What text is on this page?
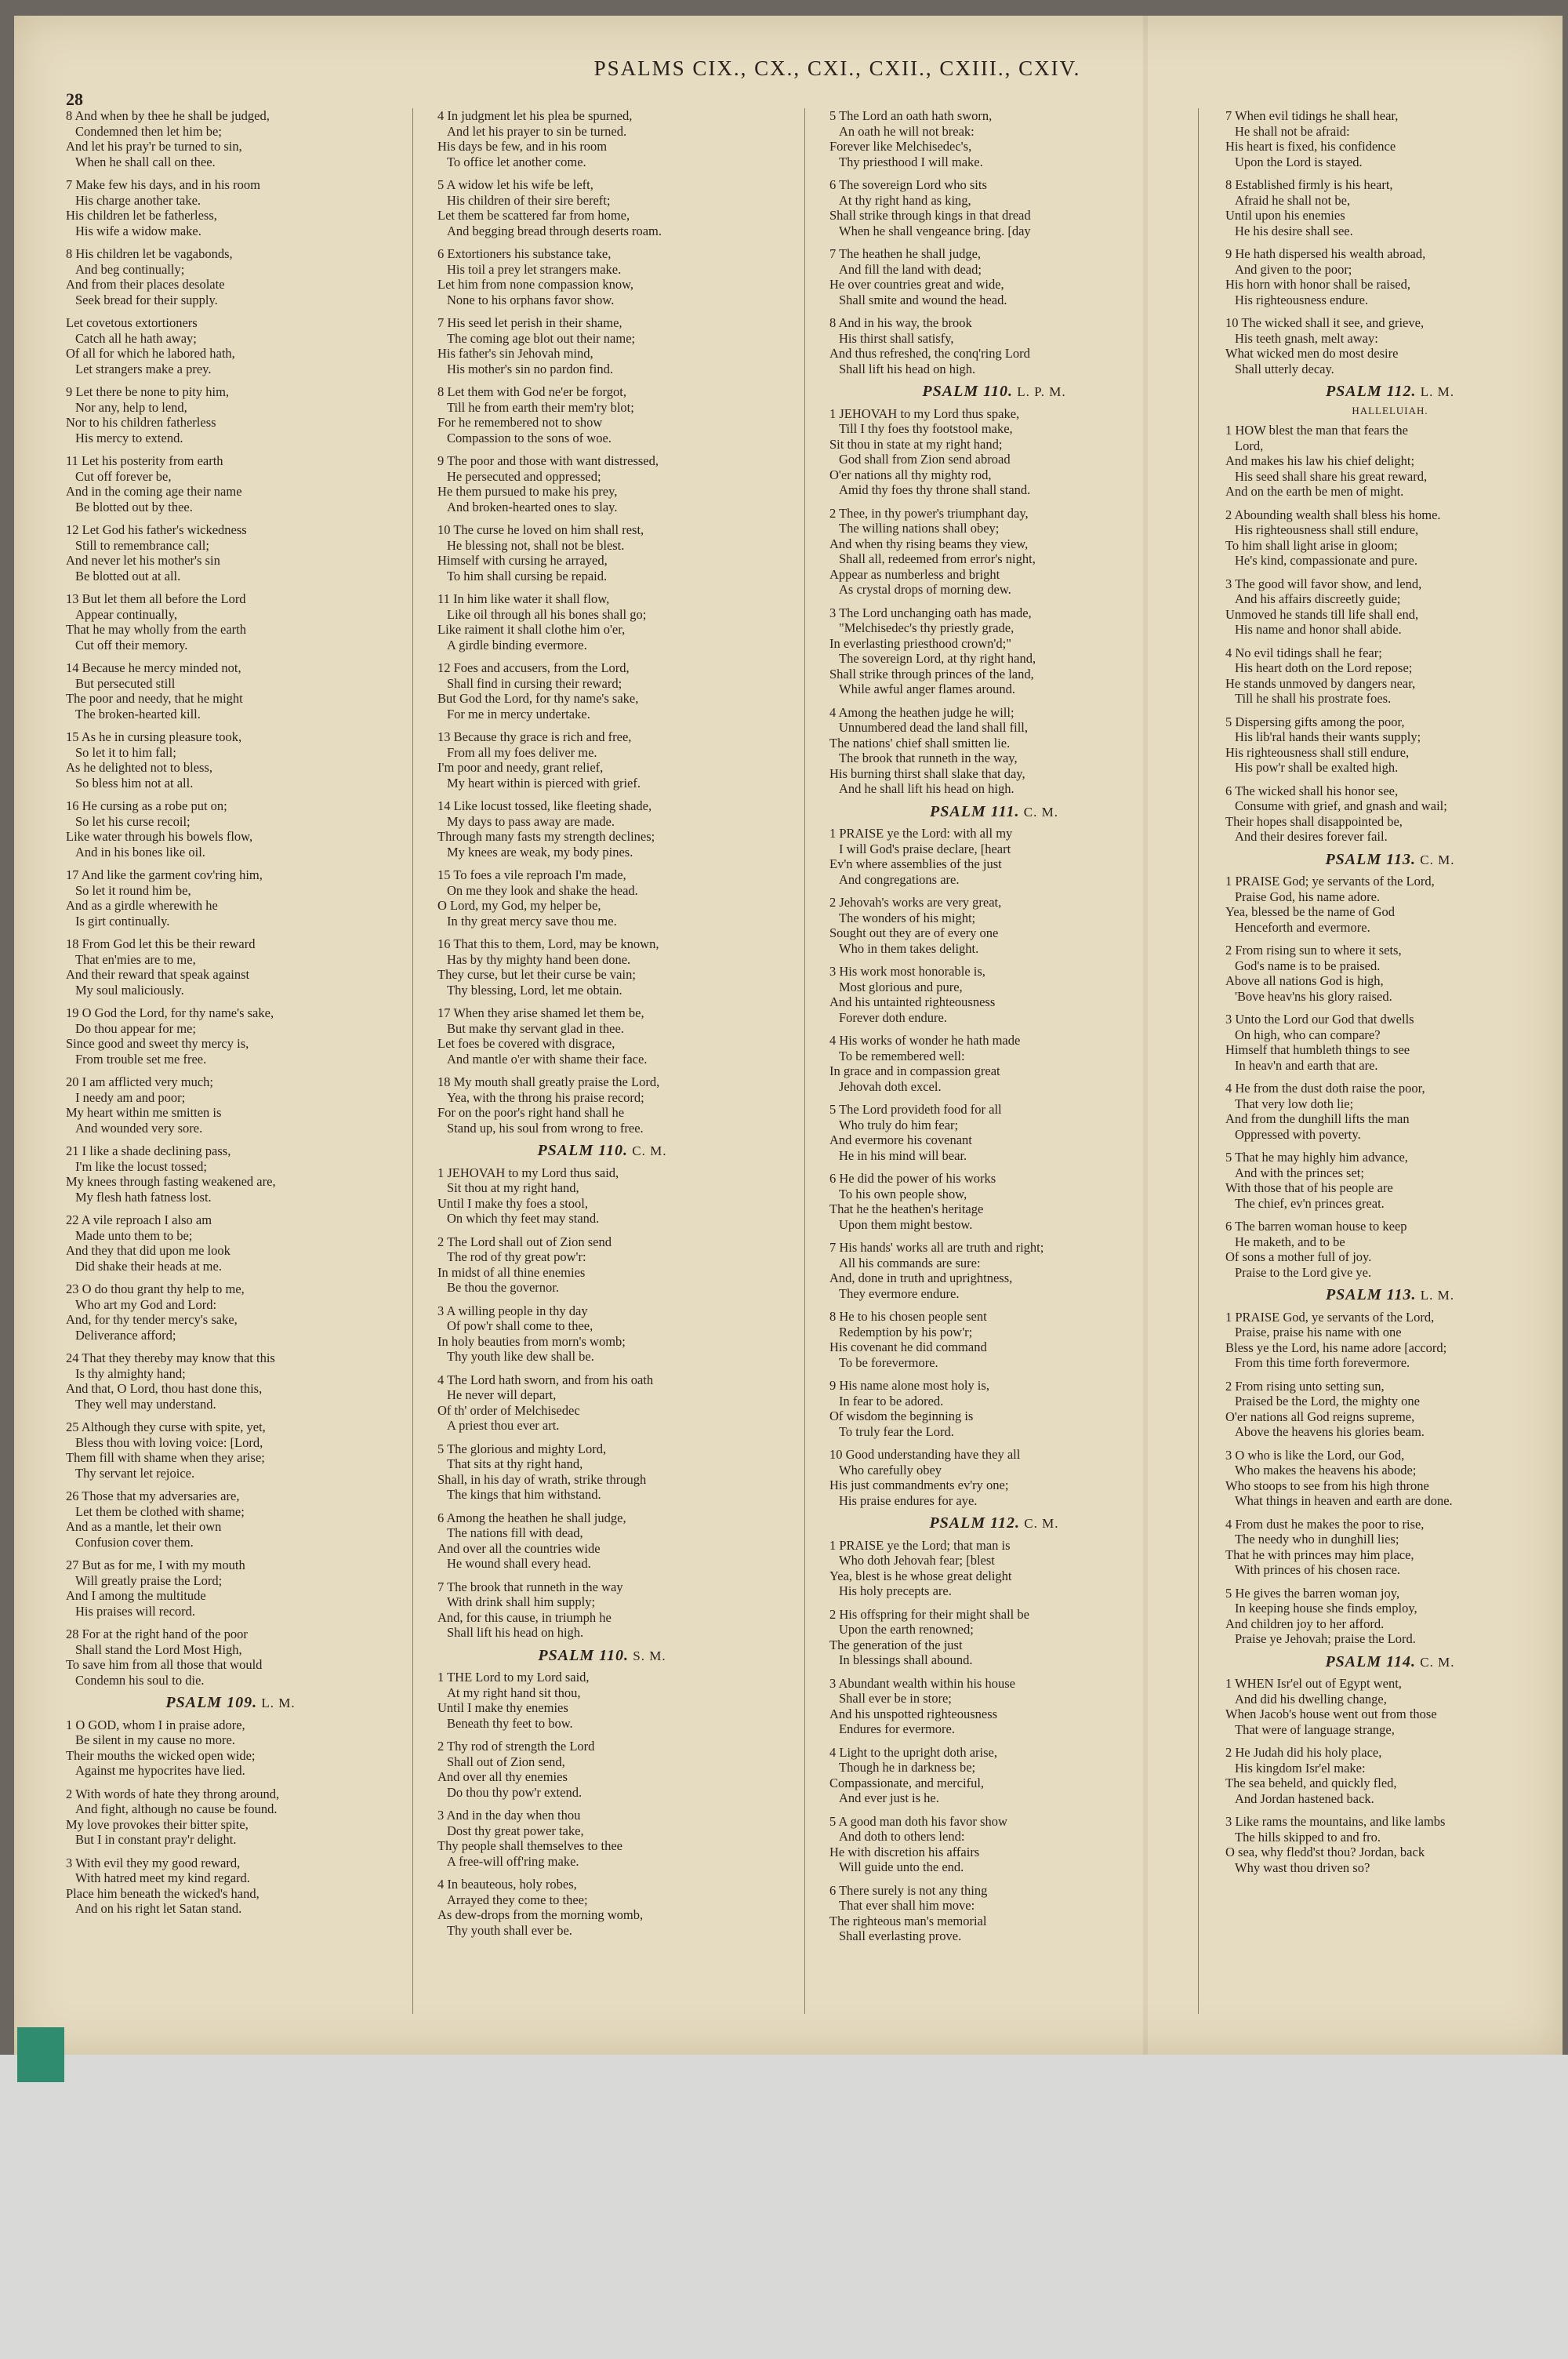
PSALMS CIX., CX., CXI., CXII., CXIII., CXIV.
28
8 And when by thee he shall be judged,
Condemned then let him be;
And let his pray'r be turned to sin,
When he shall call on thee.
7 Make few his days, and in his room
His charge another take.
His children let be fatherless,
His wife a widow make.
8 His children let be vagabonds,
And beg continually;
And from their places desolate
Seek bread for their supply.
Let covetous extortioners
Catch all he hath away;
Of all for which he labored hath,
Let strangers make a prey.
9 Let there be none to pity him,
Nor any, help to lend,
Nor to his children fatherless
His mercy to extend.
11 Let his posterity from earth
Cut off forever be,
And in the coming age their name
Be blotted out by thee.
12 Let God his father's wickedness
Still to remembrance call;
And never let his mother's sin
Be blotted out at all.
13 But let them all before the Lord
Appear continually,
That he may wholly from the earth
Cut off their memory.
14 Because he mercy minded not,
But persecuted still
The poor and needy, that he might
The broken-hearted kill.
15 As he in cursing pleasure took,
So let it to him fall;
As he delighted not to bless,
So bless him not at all.
16 He cursing as a robe put on;
So let his curse recoil;
Like water through his bowels flow,
And in his bones like oil.
17 And like the garment cov'ring him,
So let it round him be,
And as a girdle wherewith he
Is girt continually.
18 From God let this be their reward
That en'mies are to me,
And their reward that speak against
My soul maliciously.
19 O God the Lord, for thy name's sake,
Do thou appear for me;
Since good and sweet thy mercy is,
From trouble set me free.
20 I am afflicted very much;
I needy am and poor;
My heart within me smitten is
And wounded very sore.
21 I like a shade declining pass,
I'm like the locust tossed;
My knees through fasting weakened are,
My flesh hath fatness lost.
22 A vile reproach I also am
Made unto them to be;
And they that did upon me look
Did shake their heads at me.
23 O do thou grant thy help to me,
Who art my God and Lord:
And, for thy tender mercy's sake,
Deliverance afford;
24 That they thereby may know that this
Is thy almighty hand;
And that, O Lord, thou hast done this,
They well may understand.
25 Although they curse with spite, yet,
Bless thou with loving voice: [Lord,
Them fill with shame when they arise;
Thy servant let rejoice.
26 Those that my adversaries are,
Let them be clothed with shame;
And as a mantle, let their own
Confusion cover them.
27 But as for me, I with my mouth
Will greatly praise the Lord;
And I among the multitude
His praises will record.
28 For at the right hand of the poor
Shall stand the Lord Most High,
To save him from all those that would
Condemn his soul to die.
PSALM 109. L. M.
1 O GOD, whom I in praise adore,
Be silent in my cause no more.
Their mouths the wicked open wide;
Against me hypocrites have lied.
2 With words of hate they throng around,
And fight, although no cause be found.
My love provokes their bitter spite,
But I in constant pray'r delight.
3 With evil they my good reward,
With hatred meet my kind regard.
Place him beneath the wicked's hand,
And on his right let Satan stand.
4 In judgment let his plea be spurned,
And let his prayer to sin be turned.
His days be few, and in his room
To office let another come.
5 A widow let his wife be left,
His children of their sire bereft;
Let them be scattered far from home,
And begging bread through deserts roam.
6 Extortioners his substance take,
His toil a prey let strangers make.
Let him from none compassion know,
None to his orphans favor show.
7 His seed let perish in their shame,
The coming age blot out their name;
His father's sin Jehovah mind,
His mother's sin no pardon find.
8 Let them with God ne'er be forgot,
Till he from earth their mem'ry blot;
For he remembered not to show
Compassion to the sons of woe.
9 The poor and those with want distressed,
He persecuted and oppressed;
He them pursued to make his prey,
And broken-hearted ones to slay.
10 The curse he loved on him shall rest,
He blessing not, shall not be blest.
Himself with cursing he arrayed,
To him shall cursing be repaid.
11 In him like water it shall flow,
Like oil through all his bones shall go;
Like raiment it shall clothe him o'er,
A girdle binding evermore.
12 Foes and accusers, from the Lord,
Shall find in cursing their reward;
But God the Lord, for thy name's sake,
For me in mercy undertake.
13 Because thy grace is rich and free,
From all my foes deliver me.
I'm poor and needy, grant relief,
My heart within is pierced with grief.
14 Like locust tossed, like fleeting shade,
My days to pass away are made.
Through many fasts my strength declines;
My knees are weak, my body pines.
15 To foes a vile reproach I'm made,
On me they look and shake the head.
O Lord, my God, my helper be,
In thy great mercy save thou me.
16 That this to them, Lord, may be known,
Has by thy mighty hand been done.
They curse, but let their curse be vain;
Thy blessing, Lord, let me obtain.
17 When they arise shamed let them be,
But make thy servant glad in thee.
Let foes be covered with disgrace,
And mantle o'er with shame their face.
18 My mouth shall greatly praise the Lord,
Yea, with the throng his praise record;
For on the poor's right hand shall he
Stand up, his soul from wrong to free.
PSALM 110. C. M.
1 JEHOVAH to my Lord thus said,
Sit thou at my right hand,
Until I make thy foes a stool,
On which thy feet may stand.
2 The Lord shall out of Zion send
The rod of thy great pow'r:
In midst of all thine enemies
Be thou the governor.
3 A willing people in thy day
Of pow'r shall come to thee,
In holy beauties from morn's womb;
Thy youth like dew shall be.
4 The Lord hath sworn, and from his oath
He never will depart,
Of th' order of Melchisedec
A priest thou ever art.
5 The glorious and mighty Lord,
That sits at thy right hand,
Shall, in his day of wrath, strike through
The kings that him withstand.
6 Among the heathen he shall judge,
The nations fill with dead,
And over all the countries wide
He wound shall every head.
7 The brook that runneth in the way
With drink shall him supply;
And, for this cause, in triumph he
Shall lift his head on high.
PSALM 110. S. M.
1 THE Lord to my Lord said,
At my right hand sit thou,
Until I make thy enemies
Beneath thy feet to bow.
2 Thy rod of strength the Lord
Shall out of Zion send,
And over all thy enemies
Do thou thy pow'r extend.
3 And in the day when thou
Dost thy great power take,
Thy people shall themselves to thee
A free-will off'ring make.
4 In beauteous, holy robes,
Arrayed they come to thee;
As dew-drops from the morning womb,
Thy youth shall ever be.
5 The Lord an oath hath sworn,
An oath he will not break:
Forever like Melchisedec's,
Thy priesthood I will make.
6 The sovereign Lord who sits
At thy right hand as king,
Shall strike through kings in that dread
When he shall vengeance bring. [day
7 The heathen he shall judge,
And fill the land with dead;
He over countries great and wide,
Shall smite and wound the head.
8 And in his way, the brook
His thirst shall satisfy,
And thus refreshed, the conq'ring Lord
Shall lift his head on high.
PSALM 110. L. P. M.
1 JEHOVAH to my Lord thus spake,
Till I thy foes thy footstool make,
Sit thou in state at my right hand;
God shall from Zion send abroad
O'er nations all thy mighty rod,
Amid thy foes thy throne shall stand.
2 Thee, in thy power's triumphant day,
The willing nations shall obey;
And when thy rising beams they view,
Shall all, redeemed from error's night,
Appear as numberless and bright
As crystal drops of morning dew.
3 The Lord unchanging oath has made,
"Melchisedec's thy priestly grade,
In everlasting priesthood crown'd;"
The sovereign Lord, at thy right hand,
Shall strike through princes of the land,
While awful anger flames around.
4 Among the heathen judge he will;
Unnumbered dead the land shall fill,
The nations' chief shall smitten lie.
The brook that runneth in the way,
His burning thirst shall slake that day,
And he shall lift his head on high.
PSALM 111. C. M.
1 PRAISE ye the Lord: with all my
I will God's praise declare, [heart
Ev'n where assemblies of the just
And congregations are.
2 Jehovah's works are very great,
The wonders of his might;
Sought out they are of every one
Who in them takes delight.
3 His work most honorable is,
Most glorious and pure,
And his untainted righteousness
Forever doth endure.
4 His works of wonder he hath made
To be remembered well:
In grace and in compassion great
Jehovah doth excel.
5 The Lord provideth food for all
Who truly do him fear;
And evermore his covenant
He in his mind will bear.
6 He did the power of his works
To his own people show,
That he the heathen's heritage
Upon them might bestow.
7 His hands' works all are truth and right;
All his commands are sure:
And, done in truth and uprightness,
They evermore endure.
8 He to his chosen people sent
Redemption by his pow'r;
His covenant he did command
To be forevermore.
9 His name alone most holy is,
In fear to be adored.
Of wisdom the beginning is
To truly fear the Lord.
10 Good understanding have they all
Who carefully obey
His just commandments ev'ry one;
His praise endures for aye.
PSALM 112. C. M.
1 PRAISE ye the Lord; that man is
Who doth Jehovah fear; [blest
Yea, blest is he whose great delight
His holy precepts are.
2 His offspring for their might shall be
Upon the earth renowned;
The generation of the just
In blessings shall abound.
3 Abundant wealth within his house
Shall ever be in store;
And his unspotted righteousness
Endures for evermore.
4 Light to the upright doth arise,
Though he in darkness be;
Compassionate, and merciful,
And ever just is he.
5 A good man doth his favor show
And doth to others lend:
He with discretion his affairs
Will guide unto the end.
6 There surely is not any thing
That ever shall him move:
The righteous man's memorial
Shall everlasting prove.
7 When evil tidings he shall hear,
He shall not be afraid:
His heart is fixed, his confidence
Upon the Lord is stayed.
8 Established firmly is his heart,
Afraid he shall not be,
Until upon his enemies
He his desire shall see.
9 He hath dispersed his wealth abroad,
And given to the poor;
His horn with honor shall be raised,
His righteousness endure.
10 The wicked shall it see, and grieve,
His teeth gnash, melt away:
What wicked men do most desire
Shall utterly decay.
PSALM 112. L. M.
HALLELUIAH.
1 HOW blest the man that fears the
Lord,
And makes his law his chief delight;
His seed shall share his great reward,
And on the earth be men of might.
2 Abounding wealth shall bless his home.
His righteousness shall still endure,
To him shall light arise in gloom;
He's kind, compassionate and pure.
3 The good will favor show, and lend,
And his affairs discreetly guide;
Unmoved he stands till life shall end,
His name and honor shall abide.
4 No evil tidings shall he fear;
His heart doth on the Lord repose;
He stands unmoved by dangers near,
Till he shall his prostrate foes.
5 Dispersing gifts among the poor,
His lib'ral hands their wants supply;
His righteousness shall still endure,
His pow'r shall be exalted high.
6 The wicked shall his honor see,
Consume with grief, and gnash and wail;
Their hopes shall disappointed be,
And their desires forever fail.
PSALM 113. C. M.
1 PRAISE God; ye servants of the Lord,
Praise God, his name adore.
Yea, blessed be the name of God
Henceforth and evermore.
2 From rising sun to where it sets,
God's name is to be praised.
Above all nations God is high,
'Bove heav'ns his glory raised.
3 Unto the Lord our God that dwells
On high, who can compare?
Himself that humbleth things to see
In heav'n and earth that are.
4 He from the dust doth raise the poor,
That very low doth lie;
And from the dunghill lifts the man
Oppressed with poverty.
5 That he may highly him advance,
And with the princes set;
With those that of his people are
The chief, ev'n princes great.
6 The barren woman house to keep
He maketh, and to be
Of sons a mother full of joy.
Praise to the Lord give ye.
PSALM 113. L. M.
1 PRAISE God, ye servants of the Lord,
Praise, praise his name with one
Bless ye the Lord, his name adore [accord;
From this time forth forevermore.
2 From rising unto setting sun,
Praised be the Lord, the mighty one
O'er nations all God reigns supreme,
Above the heavens his glories beam.
3 O who is like the Lord, our God,
Who makes the heavens his abode;
Who stoops to see from his high throne
What things in heaven and earth are done.
4 From dust he makes the poor to rise,
The needy who in dunghill lies;
That he with princes may him place,
With princes of his chosen race.
5 He gives the barren woman joy,
In keeping house she finds employ,
And children joy to her afford.
Praise ye Jehovah; praise the Lord.
PSALM 114. C. M.
1 WHEN Isr'el out of Egypt went,
And did his dwelling change,
When Jacob's house went out from those
That were of language strange,
2 He Judah did his holy place,
His kingdom Isr'el make:
The sea beheld, and quickly fled,
And Jordan hastened back.
3 Like rams the mountains, and like lambs
The hills skipped to and fro.
O sea, why fledd'st thou? Jordan, back
Why wast thou driven so?
